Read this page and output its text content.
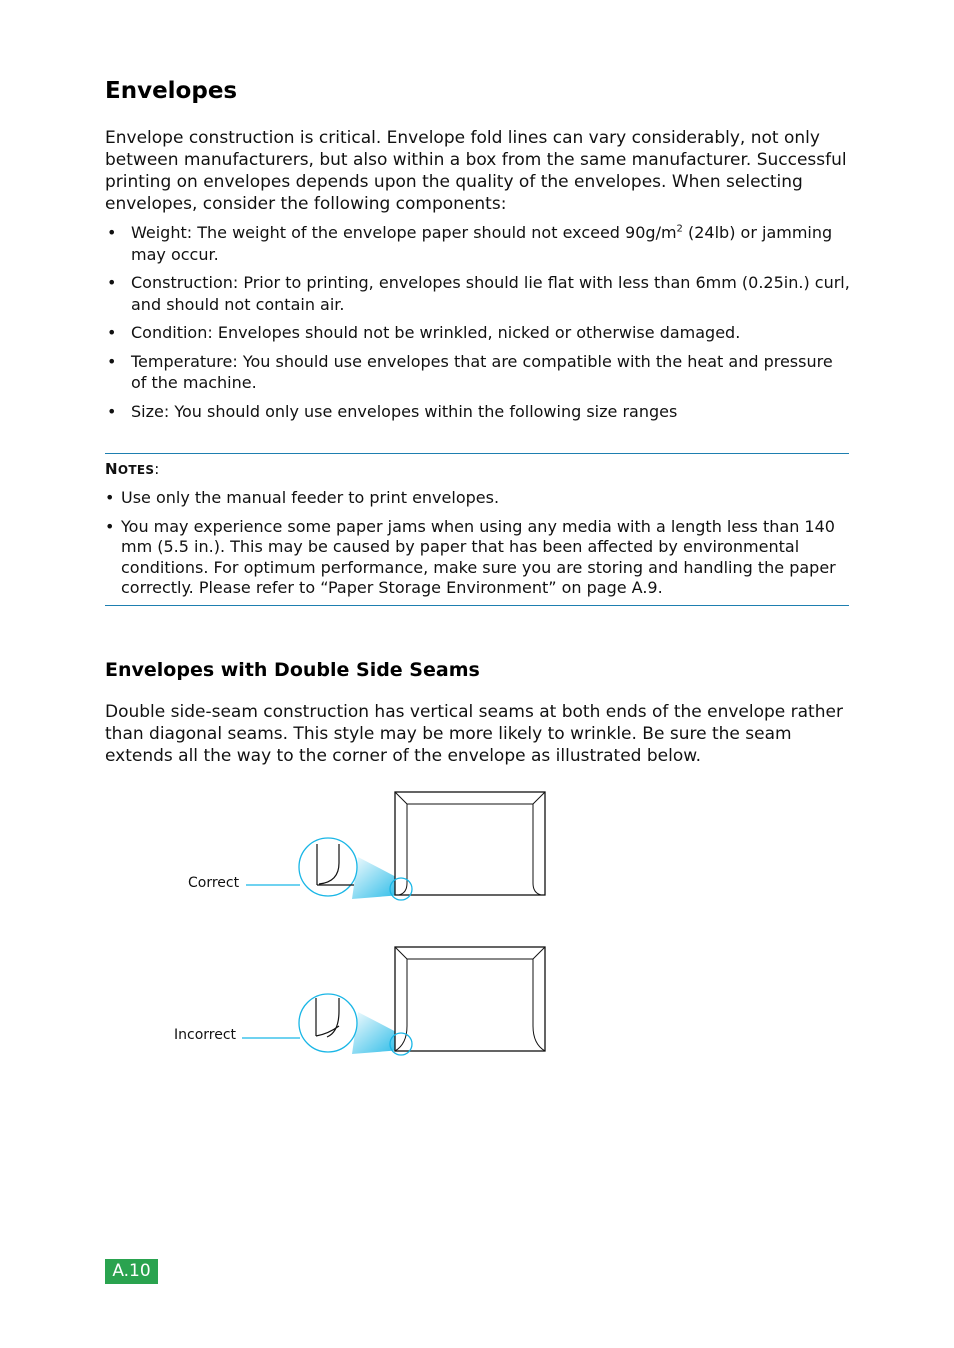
Envelopes

Envelope construction is critical. Envelope fold lines can vary considerably, not only between manufacturers, but also within a box from the same manufacturer. Successful printing on envelopes depends upon the quality of the envelopes. When selecting envelopes, consider the following components:

• Weight: The weight of the envelope paper should not exceed $90g/m^2$ (24lb) or jamming may occur.
• Construction: Prior to printing, envelopes should lie flat with less than 6mm (0.25in.) curl, and should not contain air.
• Condition: Envelopes should not be wrinkled, nicked or otherwise damaged.
• Temperature: You should use envelopes that are compatible with the heat and pressure of the machine.
• Size: You should only use envelopes within the following size ranges
NOTES:
• Use only the manual feeder to print envelopes.
• You may experience some paper jams when using any media with a length less than 140 mm (5.5 in.). This may be caused by paper that has been affected by environmental conditions. For optimum performance, make sure you are storing and handling the paper correctly. Please refer to “Paper Storage Environment” on page A.9.
Envelopes with Double Side Seams

Double side-seam construction has vertical seams at both ends of the envelope rather than diagonal seams. This style may be more likely to wrinkle. Be sure the seam extends all the way to the corner of the envelope as illustrated below.

Correct
Incorrect
A.10
